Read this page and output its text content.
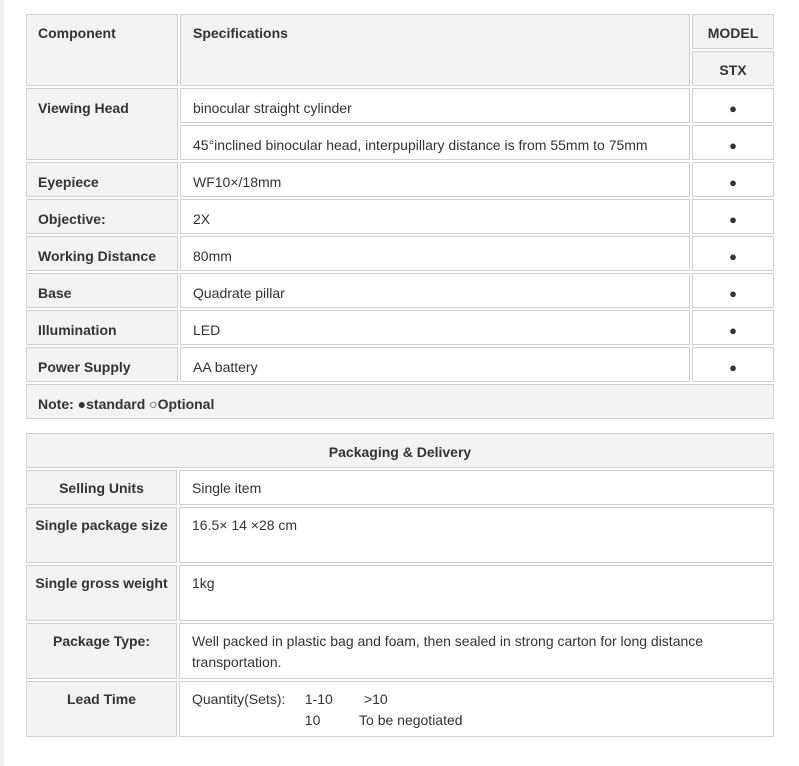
Component	Specifications	MODEL
		STX
Viewing Head	binocular straight cylinder	●
	45°inclined binocular head, interpupillary distance is from 55mm to 75mm	●
Eyepiece	WF10×/18mm	●
Objective:	2X	●
Working Distance	80mm	●
Base	Quadrate pillar	●
Illumination	LED	●
Power Supply	AA battery	●
Note: ●standard ○Optional		
Packaging & Delivery	
Selling Units	Single item
Single package size	16.5× 14 ×28 cm
Single gross weight	1kg
Package Type:	Well packed in plastic bag and foam, then sealed in strong carton for long distance transportation.
Lead Time	Quantity(Sets):     1-10        >10
10          To be negotiated
